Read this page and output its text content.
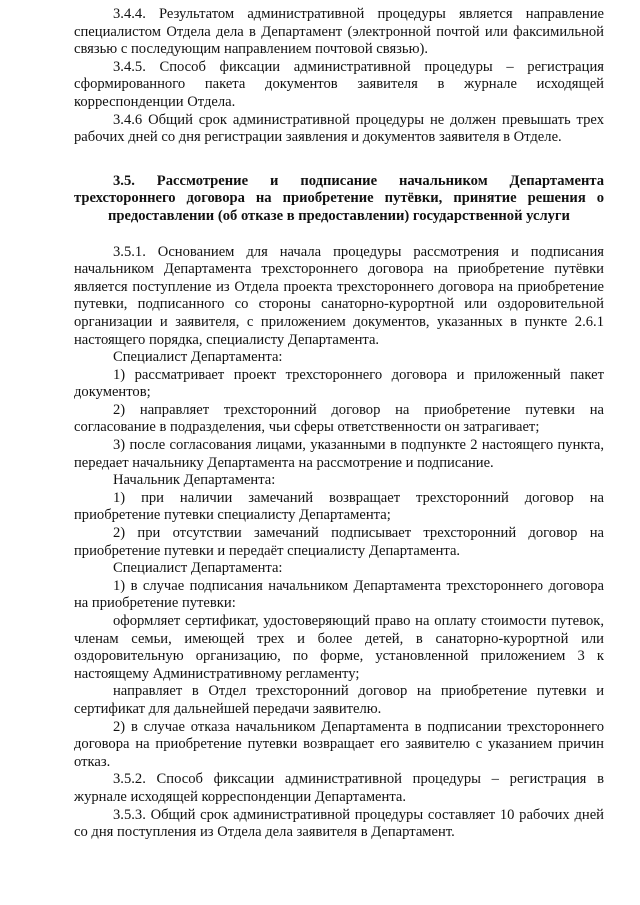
3.4.4. Результатом административной процедуры является направление специалистом Отдела дела в Департамент (электронной почтой или факсимильной связью с последующим направлением почтовой связью).

3.4.5. Способ фиксации административной процедуры – регистрация сформированного пакета документов заявителя в журнале исходящей корреспонденции Отдела.

3.4.6 Общий срок административной процедуры не должен превышать трех рабочих дней со дня регистрации заявления и документов заявителя в Отделе.

3.5. Рассмотрение и подписание начальником Департамента трехстороннего договора на приобретение путёвки, принятие решения о предоставлении (об отказе в предоставлении) государственной услуги

3.5.1. Основанием для начала процедуры рассмотрения и подписания начальником Департамента трехстороннего договора на приобретение путёвки является поступление из Отдела проекта трехстороннего договора на приобретение путевки, подписанного со стороны санаторно-курортной или оздоровительной организации и заявителя, с приложением документов, указанных в пункте 2.6.1 настоящего порядка, специалисту Департамента.

Специалист Департамента:

1) рассматривает проект трехстороннего договора и приложенный пакет документов;

2) направляет трехсторонний договор на приобретение путевки на согласование в подразделения, чьи сферы ответственности он затрагивает;

3) после согласования лицами, указанными в подпункте 2 настоящего пункта, передает начальнику Департамента на рассмотрение и подписание.

Начальник Департамента:

1) при наличии замечаний возвращает трехсторонний договор на приобретение путевки специалисту Департамента;

2) при отсутствии замечаний подписывает трехсторонний договор на приобретение путевки и передаёт специалисту Департамента.

Специалист Департамента:

1) в случае подписания начальником Департамента трехстороннего договора на приобретение путевки:

оформляет сертификат, удостоверяющий право на оплату стоимости путевок, членам семьи, имеющей трех и более детей, в санаторно-курортной или оздоровительную организацию, по форме, установленной приложением 3 к настоящему Административному регламенту;

направляет в Отдел трехсторонний договор на приобретение путевки и сертификат для дальнейшей передачи заявителю.

2) в случае отказа начальником Департамента в подписании трехстороннего договора на приобретение путевки возвращает его заявителю с указанием причин отказ.

3.5.2. Способ фиксации административной процедуры – регистрация в журнале исходящей корреспонденции Департамента.

3.5.3. Общий срок административной процедуры составляет 10 рабочих дней со дня поступления из Отдела дела заявителя в Департамент.
